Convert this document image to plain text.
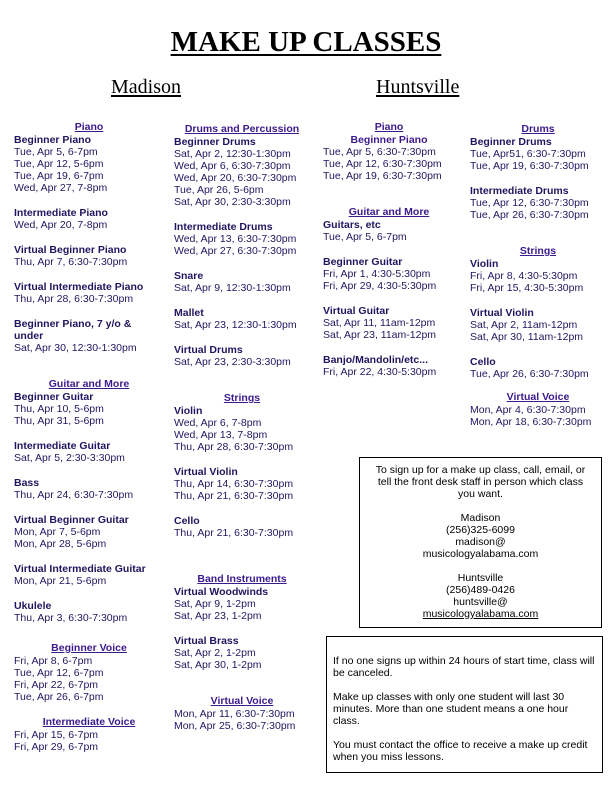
MAKE UP CLASSES
Madison	Huntsville
Piano
Beginner Piano
Tue, Apr 5, 6-7pm
Tue, Apr 12, 5-6pm
Tue, Apr 19, 6-7pm
Wed, Apr 27, 7-8pm
Intermediate Piano
Wed, Apr 20, 7-8pm
Virtual Beginner Piano
Thu, Apr 7, 6:30-7:30pm
Virtual Intermediate Piano
Thu, Apr 28, 6:30-7:30pm
Beginner Piano, 7 y/o & under
Sat, Apr 30, 12:30-1:30pm
Guitar and More
Beginner Guitar
Thu, Apr 10, 5-6pm
Thu, Apr 31, 5-6pm
Intermediate Guitar
Sat, Apr 5, 2:30-3:30pm
Bass
Thu, Apr 24, 6:30-7:30pm
Virtual Beginner Guitar
Mon, Apr 7, 5-6pm
Mon, Apr 28, 5-6pm
Virtual Intermediate Guitar
Mon, Apr 21, 5-6pm
Ukulele
Thu, Apr 3, 6:30-7:30pm
Beginner Voice
Fri, Apr 8, 6-7pm
Tue, Apr 12, 6-7pm
Fri, Apr 22, 6-7pm
Tue, Apr 26, 6-7pm
Intermediate Voice
Fri, Apr 15, 6-7pm
Fri, Apr 29, 6-7pm
Drums and Percussion
Beginner Drums
Sat, Apr 2, 12:30-1:30pm
Wed, Apr 6, 6:30-7:30pm
Wed, Apr 20, 6:30-7:30pm
Tue, Apr 26, 5-6pm
Sat, Apr 30, 2:30-3:30pm
Intermediate Drums
Wed, Apr 13, 6:30-7:30pm
Wed, Apr 27, 6:30-7:30pm
Snare
Sat, Apr 9, 12:30-1:30pm
Mallet
Sat, Apr 23, 12:30-1:30pm
Virtual Drums
Sat, Apr 23, 2:30-3:30pm
Strings
Violin
Wed, Apr 6, 7-8pm
Wed, Apr 13, 7-8pm
Thu, Apr 28, 6:30-7:30pm
Virtual Violin
Thu, Apr 14, 6:30-7:30pm
Thu, Apr 21, 6:30-7:30pm
Cello
Thu, Apr 21, 6:30-7:30pm
Band Instruments
Virtual Woodwinds
Sat, Apr 9, 1-2pm
Sat, Apr 23, 1-2pm
Virtual Brass
Sat, Apr 2, 1-2pm
Sat, Apr 30, 1-2pm
Virtual Voice
Mon, Apr 11, 6:30-7:30pm
Mon, Apr 25, 6:30-7:30pm
Piano
Beginner Piano
Tue, Apr 5, 6:30-7:30pm
Tue, Apr 12, 6:30-7:30pm
Tue, Apr 19, 6:30-7:30pm
Guitar and More
Guitars, etc
Tue, Apr 5, 6-7pm
Beginner Guitar
Fri, Apr 1, 4:30-5:30pm
Fri, Apr 29, 4:30-5:30pm
Virtual Guitar
Sat, Apr 11, 11am-12pm
Sat, Apr 23, 11am-12pm
Banjo/Mandolin/etc...
Fri, Apr 22, 4:30-5:30pm
Drums
Beginner Drums
Tue, Apr51, 6:30-7:30pm
Tue, Apr 19, 6:30-7:30pm
Intermediate Drums
Tue, Apr 12, 6:30-7:30pm
Tue, Apr 26, 6:30-7:30pm
Strings
Violin
Fri, Apr 8, 4:30-5:30pm
Fri, Apr 15, 4:30-5:30pm
Virtual Violin
Sat, Apr 2, 11am-12pm
Sat, Apr 30, 11am-12pm
Cello
Tue, Apr 26, 6:30-7:30pm
Virtual Voice
Mon, Apr 4, 6:30-7:30pm
Mon, Apr 18, 6:30-7:30pm
To sign up for a make up class, call, email, or tell the front desk staff in person which class you want.
Madison
(256)325-6099
madison@
musicologyalabama.com
Huntsville
(256)489-0426
huntsville@
musicologyalabama.com

If no one signs up within 24 hours of start time, class will be canceled.

Make up classes with only one student will last 30 minutes. More than one student means a one hour class.

You must contact the office to receive a make up credit when you miss lessons.
